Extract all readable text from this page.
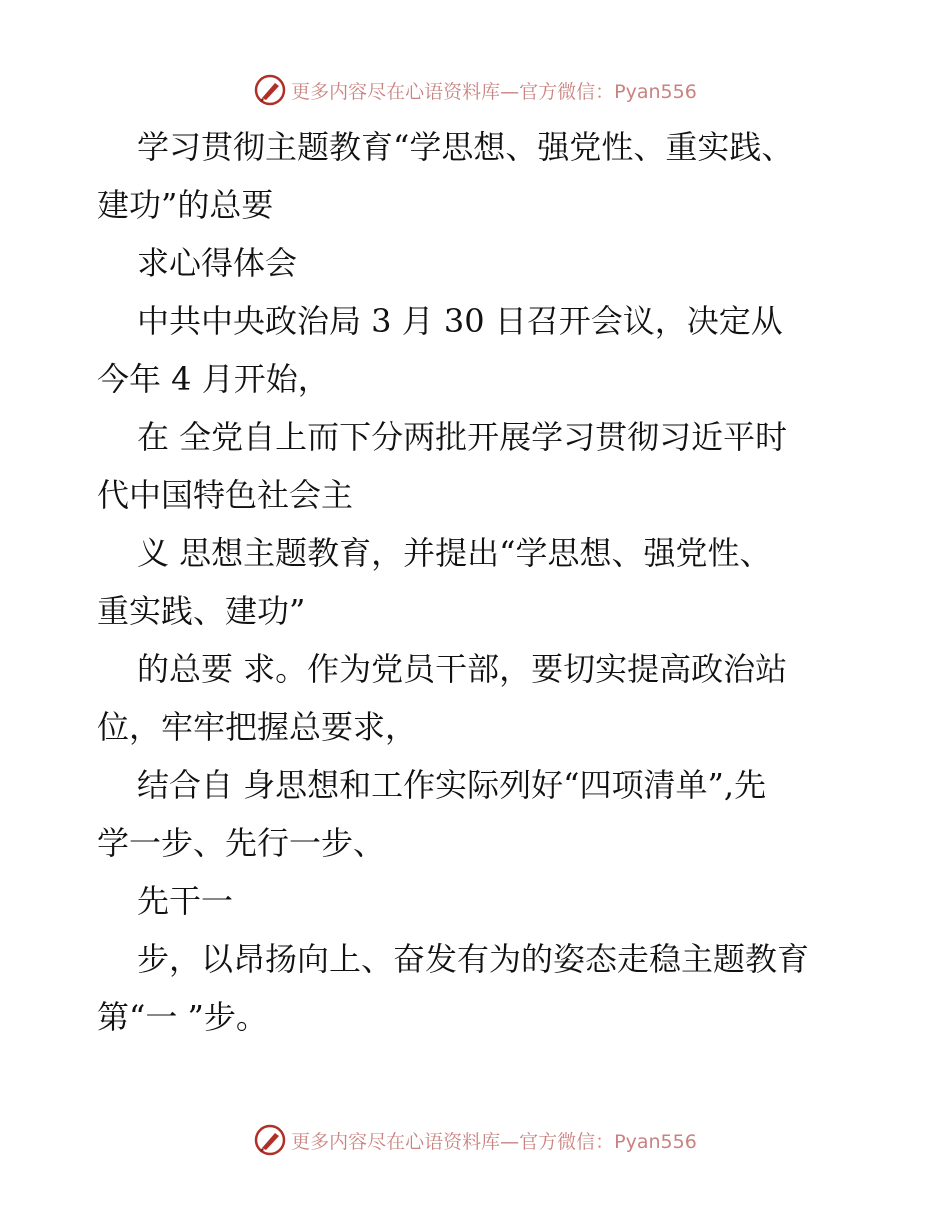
更多内容尽在心语资料库—官方微信：Pyan556

学习贯彻主题教育“学思想、强党性、重实践、

建功”的总要

求心得体会

中共中央政治局 3 月 30 日召开会议，决定从

今年 4 月开始，

在 全党自上而下分两批开展学习贯彻习近平时

代中国特色社会主

义 思想主题教育，并提出“学思想、强党性、

重实践、建功”

的总要 求。作为党员干部，要切实提高政治站

位，牢牢把握总要求，

结合自 身思想和工作实际列好“四项清单”,先

学一步、先行一步、

先干一

步，以昂扬向上、奋发有为的姿态走稳主题教育

第“一 ”步。

更多内容尽在心语资料库—官方微信：Pyan556
